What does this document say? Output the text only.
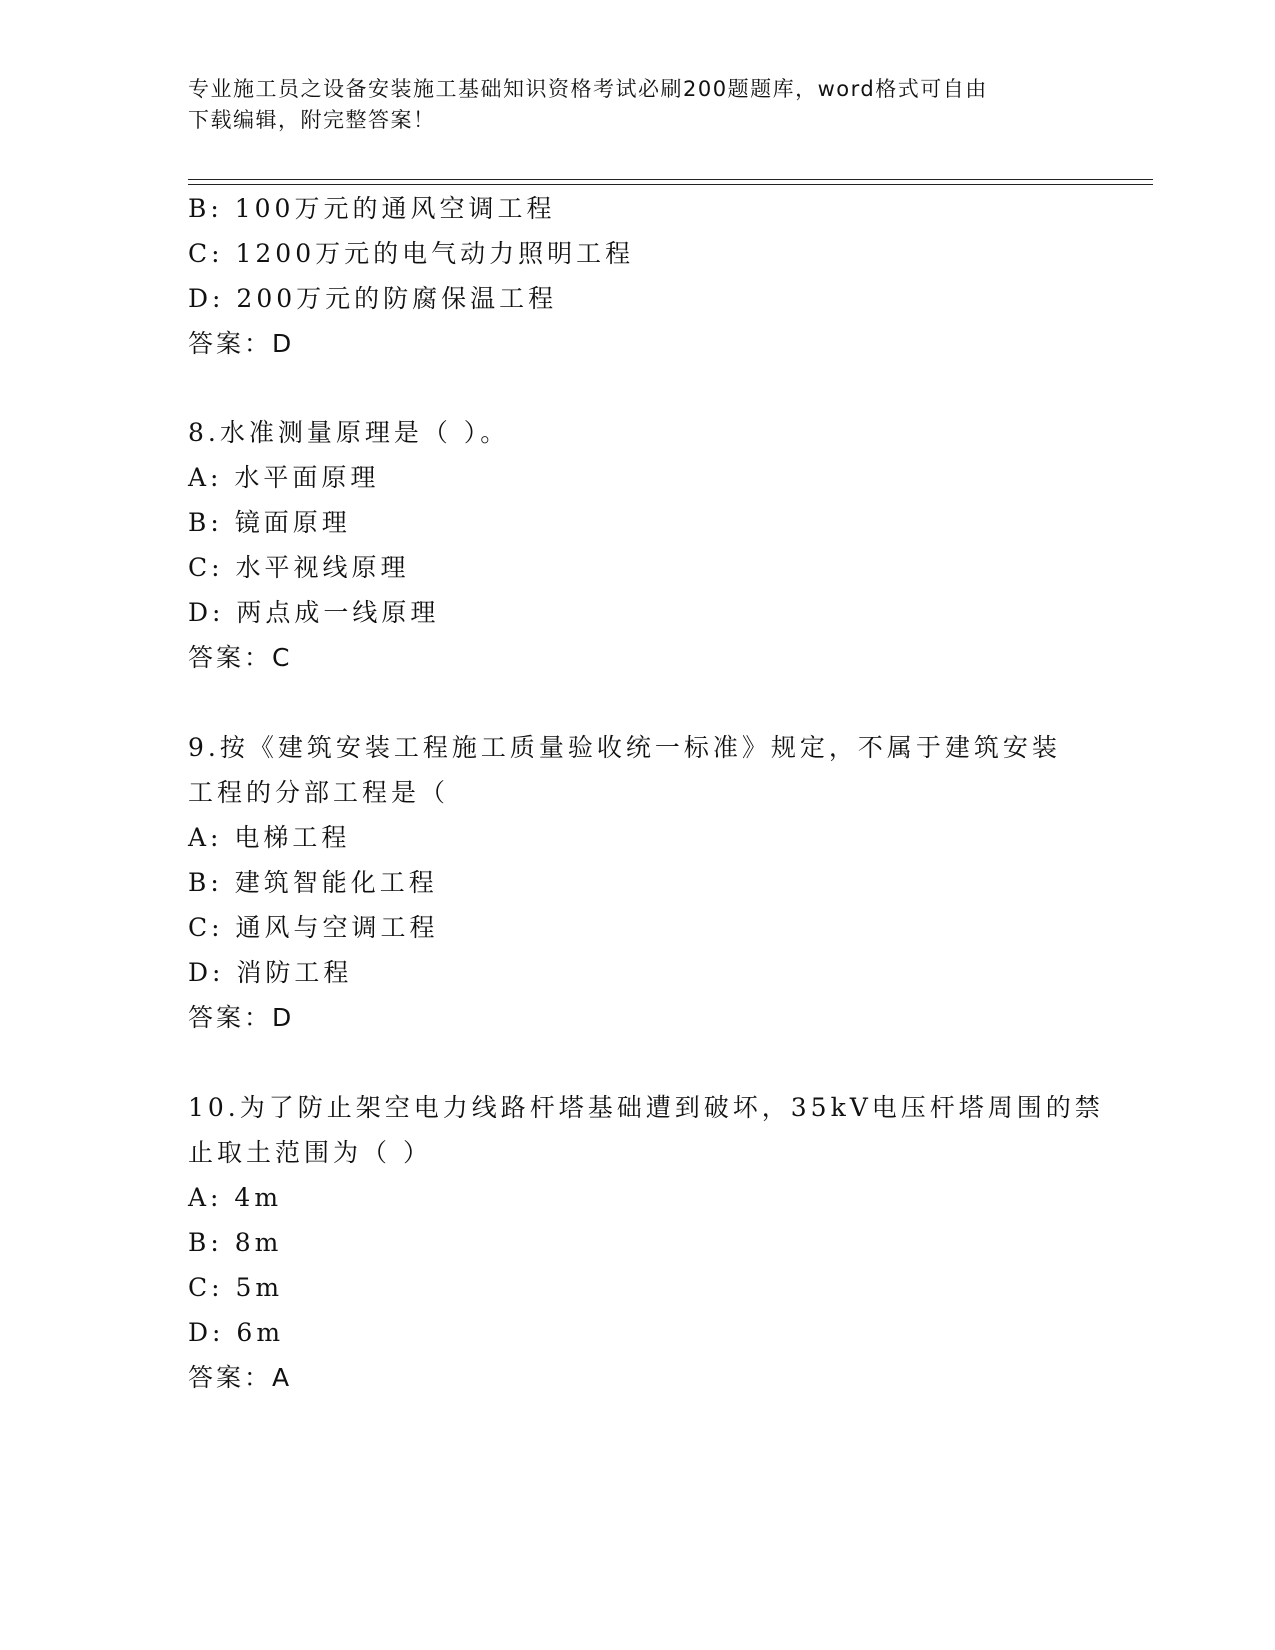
专业施工员之设备安装施工基础知识资格考试必刷200题题库，word格式可自由
下载编辑，附完整答案！
B: 100万元的通风空调工程
C: 1200万元的电气动力照明工程
D: 200万元的防腐保温工程
答案：D
8.水准测量原理是（ ）。
A: 水平面原理
B: 镜面原理
C: 水平视线原理
D: 两点成一线原理
答案：C
9.按《建筑安装工程施工质量验收统一标准》规定，不属于建筑安装
工程的分部工程是（
A: 电梯工程
B: 建筑智能化工程
C: 通风与空调工程
D: 消防工程
答案：D
10.为了防止架空电力线路杆塔基础遭到破坏，35kV电压杆塔周围的禁
止取土范围为（ ）
A: 4m
B: 8m
C: 5m
D: 6m
答案：A
